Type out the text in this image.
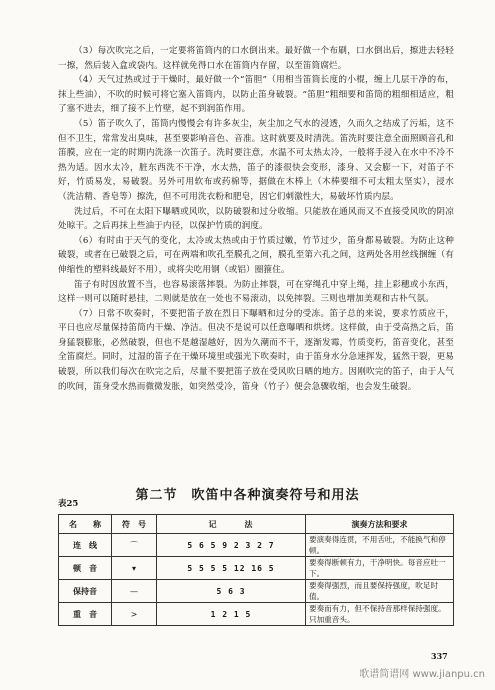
（3）每次吹完之后，一定要将笛筒内的口水倒出来。最好做一个布刷，口水倒出后，擦进去轻轻一擦，然后装入盒或袋内。这样就免得口水在笛筒内存留，以至笛筒腐烂。

（4）天气过热或过于干燥时，最好做一个“笛胆”（用相当笛筒长度的小棍，缠上几层干净的布，抹上些油），不吹的时候可将它塞入笛筒内，以防止笛身破裂。“笛胆”粗细要和笛筒的粗细相适应，粗了塞不进去，细了接不上竹壁，起不到润笛作用。

（5）笛子吹久了，笛筒内慢慢会有许多灰尘，灰尘加之气水的浸透，久而久之结成了污垢，这不但不卫生，常常发出臭味，甚至要影响音色、音准。这时就要及时清洗。笛洗时要注意全面照顾音孔和笛膜，应在一定的时期内洗涤一次笛子。洗时要注意，水温不可太热太冷，一般将手浸入在水中不冷不热为适。因水太冷，脏东西洗不干净，水太热，笛子的漆很快会变形，漆身、又会膨一下，对笛子不好，竹质易发，易破裂。另外可用软布或药棉等，据做在木棒上（木棒要细不可太粗太坚实），浸水（洗洁精、香皂等）擦洗，但不可用洗衣粉和肥皂，因它们刺激性大，易破坏竹质内层。

洗过后，不可在太阳下曝晒或风吹，以防破裂和过分收缩。只能放在通风而又不直接受风吹的阴凉处晾干。之后再抹上些油于内径，以保护竹质的润度。

（6）有时由于天气的变化，太冷或太热或由于竹质过嫩，竹节过少，笛身都易破裂。为防止这种破裂，或者在已破裂之后，可在两端和吹孔至膜孔之间，膜孔至第六孔之间，这两处各用丝线捆缠（有伸缩性的塑料线最好不用），或将尖吃用钢（或铝）圈箍住。

笛子有时因放置不当，也容易滚落摔裂。为防止摔裂，可在穿绳孔中穿上绳，挂上彩穗或小东西，这样一则可以随时悬挂，二则就是放在一处也不易滚动，以免摔裂。三则也增加美观和古朴气氛。

（7）日常不吹奏时，不要把笛子放在烈日下曝晒和过分的受冻。笛子总的来说，要求竹质应干，平日也应尽量保持笛筒内干燥、净洁。但决不是说可以任意曝晒和烘烤。这样做，由于受高热之后，笛身猛裂膨胀，必然破裂，但也不是越湿越好，因为久潮而不干，逐渐发霉，竹质变朽，笛音变化，甚至全笛腐烂。同时，过湿的笛子在干燥环境里或强光下吹奏时，由于笛身水分急速挥发，猛然干裂，更易破裂，所以我们每次在吹完之后，尽量不要把笛子放在受风吹日晒的地方。因刚吹完的笛子，由于人气的吹间，笛身受水热而微微发胀，如突然受冷，笛身（竹子）便会急骤收缩，也会发生破裂。

第二节　吹笛中各种演奏符号和用法
表25
名　　称	符　号	记　　　法	演奏方法和要求
连　线	⌒	5 6 5 9 2 3 2 7	要演奏得连贯，不用舌吐，不能换气和停顿。
顿　音	▾	5 5 5 5 12 16 5	要奏得断顿有力，干净明快。每音应吐一下。
保持音	—	5 6 3	要奏得强烈，而且要保持强度，吹足时值。
重　音	>	1 2 1 5	要奏而有力，但不保持音那样保持强度。只加重音头。
337
歌谱简谱网 www.jianpu.cn
